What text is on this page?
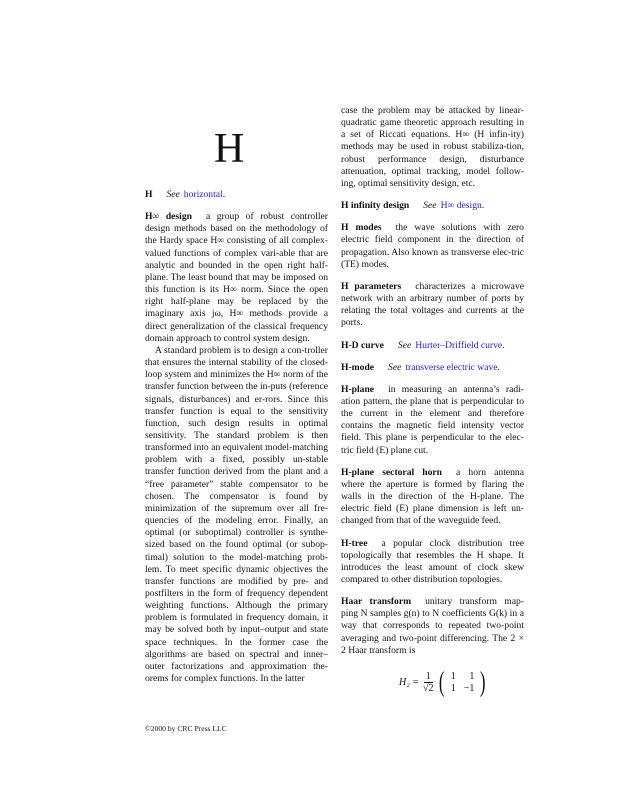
H
H See horizontal.
H∞ design a group of robust controller design methods based on the methodology of the Hardy space H∞ consisting of all complex-valued functions of complex vari-able that are analytic and bounded in the open right half-plane. The least bound that may be imposed on this function is its H∞ norm. Since the open right half-plane may be replaced by the imaginary axis jω, H∞ methods provide a direct generalization of the classical frequency domain approach to control system design.
A standard problem is to design a con-troller that ensures the internal stability of the closed-loop system and minimizes the H∞ norm of the transfer function between the in-puts (reference signals, disturbances) and er-rors. Since this transfer function is equal to the sensitivity function, such design results in optimal sensitivity. The standard problem is then transformed into an equivalent model-matching problem with a fixed, possibly un-stable transfer function derived from the plant and a “free parameter” stable compensator to be chosen. The compensator is found by minimization of the supremum over all fre-quencies of the modeling error. Finally, an optimal (or suboptimal) controller is synthe-sized based on the found optimal (or subop-timal) solution to the model-matching prob-lem. To meet specific dynamic objectives the transfer functions are modified by pre- and postfilters in the form of frequency dependent weighting functions. Although the primary problem is formulated in frequency domain, it may be solved both by input–output and state space techniques. In the former case the algorithms are based on spectral and inner–outer factorizations and approximation the-orems for complex functions. In the latter
case the problem may be attacked by linear-quadratic game theoretic approach resulting in a set of Riccati equations. H∞ (H infin-ity) methods may be used in robust stabiliza-tion, robust performance design, disturbance attenuation, optimal tracking, model follow-ing, optimal sensitivity design, etc.
H infinity design See H∞ design.
H modes the wave solutions with zero electric field component in the direction of propagation. Also known as transverse elec-tric (TE) modes.
H parameters characterizes a microwave network with an arbitrary number of ports by relating the total voltages and currents at the ports.
H-D curve See Hurter–Driffield curve.
H-mode See transverse electric wave.
H-plane in measuring an antenna’s radi-ation pattern, the plane that is perpendicular to the current in the element and therefore contains the magnetic field intensity vector field. This plane is perpendicular to the elec-tric field (E) plane cut.
H-plane sectoral horn a horn antenna where the aperture is formed by flaring the walls in the direction of the H-plane. The electric field (E) plane dimension is left un-changed from that of the waveguide feed.
H-tree a popular clock distribution tree topologically that resembles the H shape. It introduces the least amount of clock skew compared to other distribution topologies.
Haar transform unitary transform map-ping N samples g(n) to N coefficients G(k) in a way that corresponds to repeated two-point averaging and two-point differencing. The 2 × 2 Haar transform is
$H_2 = \frac{1}{√2}$ ( 1	1
1 −1 )
©2000 by CRC Press LLC
